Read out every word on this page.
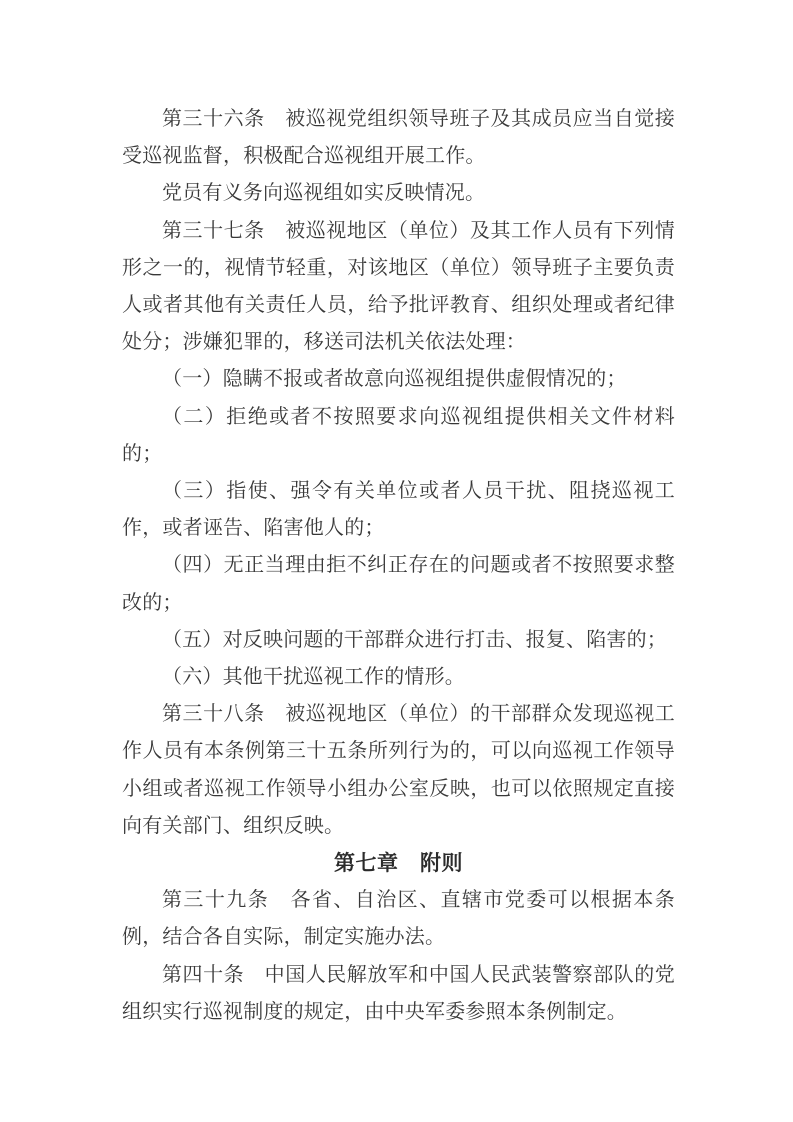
第三十六条　被巡视党组织领导班子及其成员应当自觉接受巡视监督，积极配合巡视组开展工作。

党员有义务向巡视组如实反映情况。

第三十七条　被巡视地区（单位）及其工作人员有下列情形之一的，视情节轻重，对该地区（单位）领导班子主要负责人或者其他有关责任人员，给予批评教育、组织处理或者纪律处分；涉嫌犯罪的，移送司法机关依法处理：

（一）隐瞒不报或者故意向巡视组提供虚假情况的；

（二）拒绝或者不按照要求向巡视组提供相关文件材料的；

（三）指使、强令有关单位或者人员干扰、阻挠巡视工作，或者诬告、陷害他人的；

（四）无正当理由拒不纠正存在的问题或者不按照要求整改的；

（五）对反映问题的干部群众进行打击、报复、陷害的；

（六）其他干扰巡视工作的情形。

第三十八条　被巡视地区（单位）的干部群众发现巡视工作人员有本条例第三十五条所列行为的，可以向巡视工作领导小组或者巡视工作领导小组办公室反映，也可以依照规定直接向有关部门、组织反映。

第七章　附则

第三十九条　各省、自治区、直辖市党委可以根据本条例，结合各自实际，制定实施办法。

第四十条　中国人民解放军和中国人民武装警察部队的党组织实行巡视制度的规定，由中央军委参照本条例制定。
